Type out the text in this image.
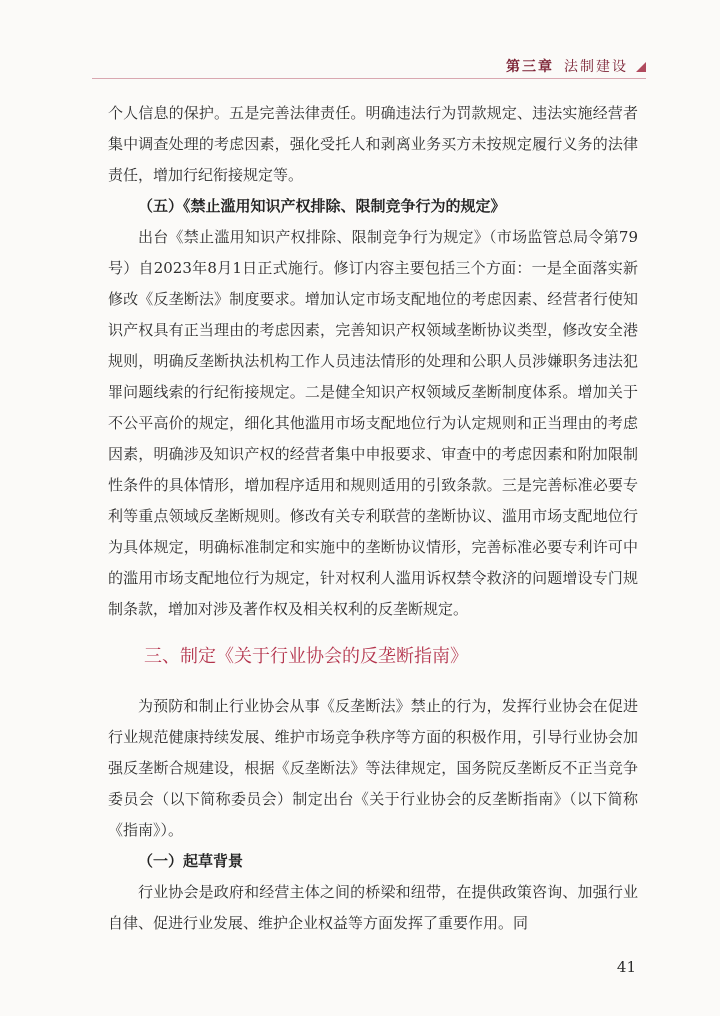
第三章 法制建设

个人信息的保护。五是完善法律责任。明确违法行为罚款规定、违法实施经营者集中调查处理的考虑因素，强化受托人和剥离业务买方未按规定履行义务的法律责任，增加行纪衔接规定等。

（五）《禁止滥用知识产权排除、限制竞争行为的规定》

出台《禁止滥用知识产权排除、限制竞争行为规定》（市场监管总局令第79号）自2023年8月1日正式施行。修订内容主要包括三个方面：一是全面落实新修改《反垄断法》制度要求。增加认定市场支配地位的考虑因素、经营者行使知识产权具有正当理由的考虑因素，完善知识产权领域垄断协议类型，修改安全港规则，明确反垄断执法机构工作人员违法情形的处理和公职人员涉嫌职务违法犯罪问题线索的行纪衔接规定。二是健全知识产权领域反垄断制度体系。增加关于不公平高价的规定，细化其他滥用市场支配地位行为认定规则和正当理由的考虑因素，明确涉及知识产权的经营者集中申报要求、审查中的考虑因素和附加限制性条件的具体情形，增加程序适用和规则适用的引致条款。三是完善标准必要专利等重点领域反垄断规则。修改有关专利联营的垄断协议、滥用市场支配地位行为具体规定，明确标准制定和实施中的垄断协议情形，完善标准必要专利许可中的滥用市场支配地位行为规定，针对权利人滥用诉权禁令救济的问题增设专门规制条款，增加对涉及著作权及相关权利的反垄断规定。

三、制定《关于行业协会的反垄断指南》

为预防和制止行业协会从事《反垄断法》禁止的行为，发挥行业协会在促进行业规范健康持续发展、维护市场竞争秩序等方面的积极作用，引导行业协会加强反垄断合规建设，根据《反垄断法》等法律规定，国务院反垄断反不正当竞争委员会（以下简称委员会）制定出台《关于行业协会的反垄断指南》（以下简称《指南》）。

（一）起草背景

行业协会是政府和经营主体之间的桥梁和纽带，在提供政策咨询、加强行业自律、促进行业发展、维护企业权益等方面发挥了重要作用。同

41
